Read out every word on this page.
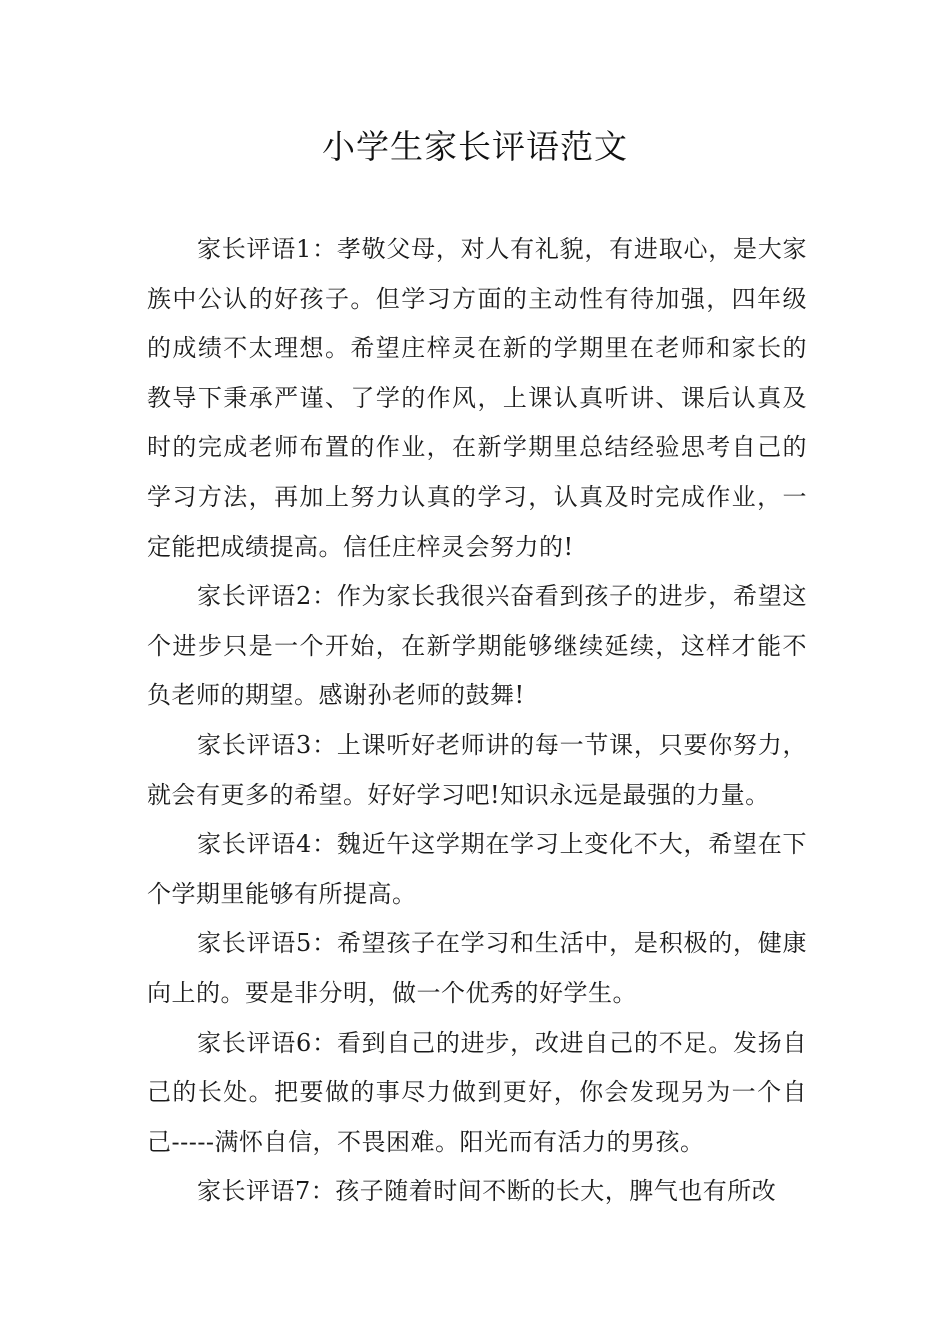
小学生家长评语范文

家长评语1：孝敬父母，对人有礼貌，有进取心，是大家族中公认的好孩子。但学习方面的主动性有待加强，四年级的成绩不太理想。希望庄梓灵在新的学期里在老师和家长的教导下秉承严谨、了学的作风，上课认真听讲、课后认真及时的完成老师布置的作业，在新学期里总结经验思考自己的学习方法，再加上努力认真的学习，认真及时完成作业，一定能把成绩提高。信任庄梓灵会努力的!

家长评语2：作为家长我很兴奋看到孩子的进步，希望这个进步只是一个开始，在新学期能够继续延续，这样才能不负老师的期望。感谢孙老师的鼓舞!

家长评语3：上课听好老师讲的每一节课，只要你努力，就会有更多的希望。好好学习吧!知识永远是最强的力量。

家长评语4：魏近午这学期在学习上变化不大，希望在下个学期里能够有所提高。

家长评语5：希望孩子在学习和生活中，是积极的，健康向上的。要是非分明，做一个优秀的好学生。

家长评语6：看到自己的进步，改进自己的不足。发扬自己的长处。把要做的事尽力做到更好，你会发现另为一个自己-----满怀自信，不畏困难。阳光而有活力的男孩。

家长评语7：孩子随着时间不断的长大，脾气也有所改
